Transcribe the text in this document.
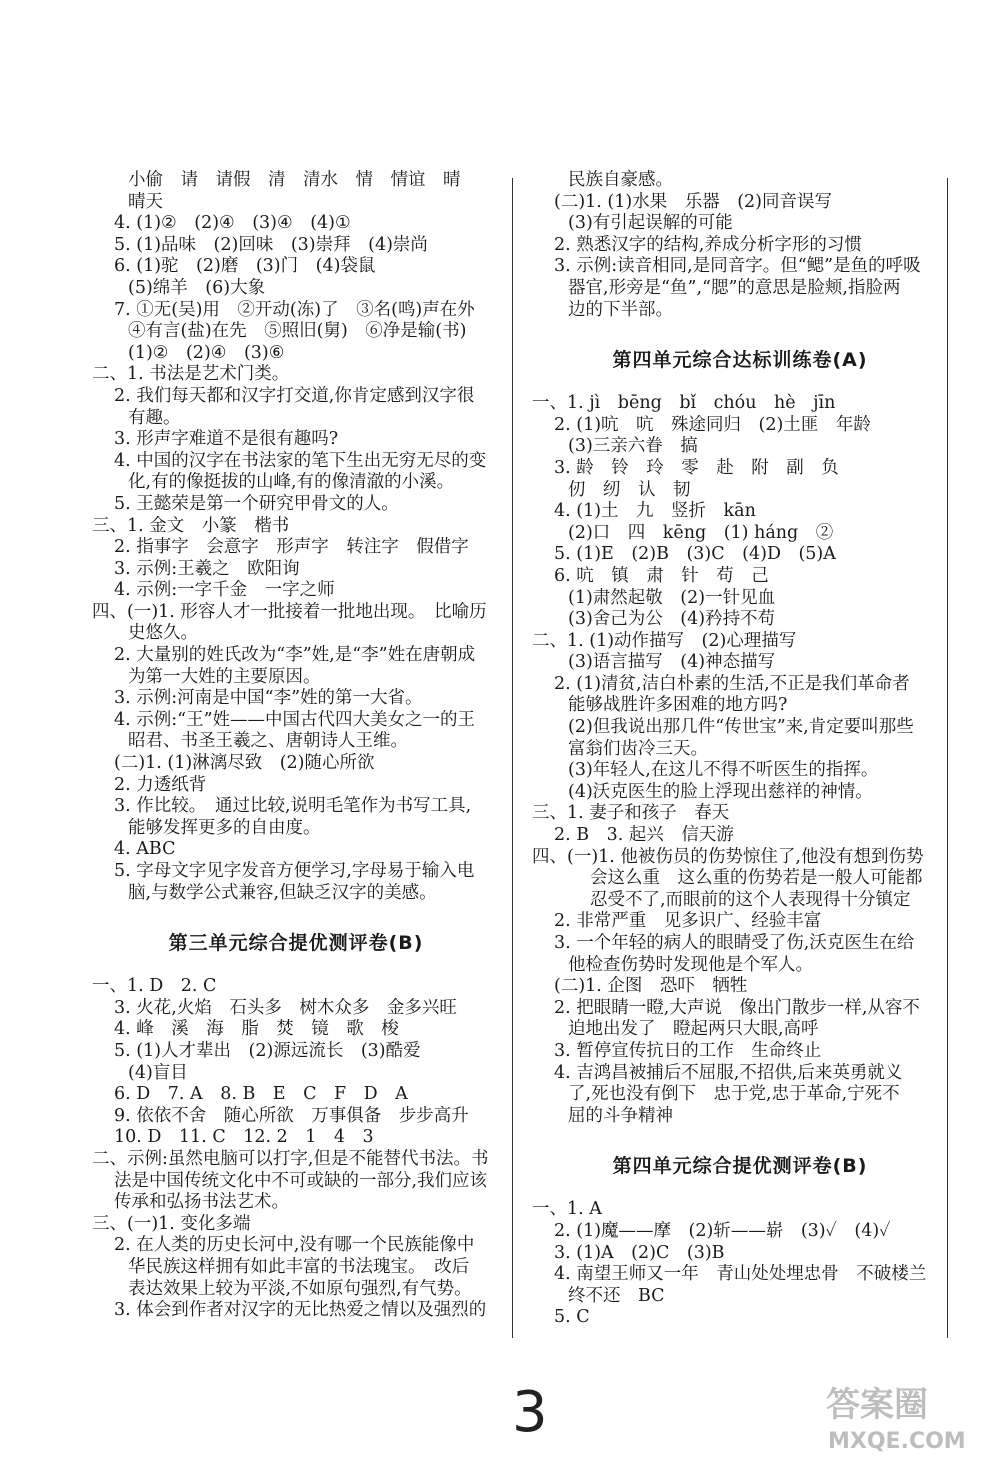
小偷　请　请假　清　清水　情　情谊　晴
晴天
4. (1)②　(2)④　(3)④　(4)①
5. (1)品味　(2)回味　(3)崇拜　(4)崇尚
6. (1)驼　(2)磨　(3)门　(4)袋鼠
(5)绵羊　(6)大象
7. ①无(吴)用　②开动(冻)了　③名(鸣)声在外
④有言(盐)在先　⑤照旧(舅)　⑥净是输(书)
(1)②　(2)④　(3)⑥
二、1. 书法是艺术门类。
2. 我们每天都和汉字打交道,你肯定感到汉字很
有趣。
3. 形声字难道不是很有趣吗?
4. 中国的汉字在书法家的笔下生出无穷无尽的变
化,有的像挺拔的山峰,有的像清澈的小溪。
5. 王懿荣是第一个研究甲骨文的人。
三、1. 金文　小篆　楷书
2. 指事字　会意字　形声字　转注字　假借字
3. 示例:王羲之　欧阳询
4. 示例:一字千金　一字之师
四、(一)1. 形容人才一批接着一批地出现。　比喻历
史悠久。
2. 大量别的姓氏改为“李”姓,是“李”姓在唐朝成
为第一大姓的主要原因。
3. 示例:河南是中国“李”姓的第一大省。
4. 示例:“王”姓——中国古代四大美女之一的王
昭君、书圣王羲之、唐朝诗人王维。
(二)1. (1)淋漓尽致　(2)随心所欲
2. 力透纸背
3. 作比较。　通过比较,说明毛笔作为书写工具,
能够发挥更多的自由度。
4. ABC
5. 字母文字见字发音方便学习,字母易于输入电
脑,与数学公式兼容,但缺乏汉字的美感。
第三单元综合提优测评卷(B)
一、1. D　2. C
3. 火花,火焰　石头多　树木众多　金多兴旺
4. 峰　溪　海　脂　焚　镜　歌　梭
5. (1)人才辈出　(2)源远流长　(3)酷爱
(4)盲目
6. D　7. A　8. B　E　C　F　D　A
9. 依依不舍　随心所欲　万事俱备　步步高升
10. D　11. C　12. 2　1　4　3
二、示例:虽然电脑可以打字,但是不能替代书法。书
法是中国传统文化中不可或缺的一部分,我们应该
传承和弘扬书法艺术。
三、(一)1. 变化多端
2. 在人类的历史长河中,没有哪一个民族能像中
华民族这样拥有如此丰富的书法瑰宝。　改后
表达效果上较为平淡,不如原句强烈,有气势。
3. 体会到作者对汉字的无比热爱之情以及强烈的
民族自豪感。
(二)1. (1)水果　乐器　(2)同音误写
(3)有引起误解的可能
2. 熟悉汉字的结构,养成分析字形的习惯
3. 示例:读音相同,是同音字。但“鳃”是鱼的呼吸
器官,形旁是“鱼”,“腮”的意思是脸颊,指脸两
边的下半部。
第四单元综合达标训练卷(A)
一、1. jì　bēng　bǐ　chóu　hè　jīn
2. (1)吭　吭　殊途同归　(2)土匪　年龄
(3)三亲六眷　搞
3. 龄　铃　玲　零　赴　附　副　负
仞　纫　认　韧
4. (1)土　九　竖折　kān
(2)口　四　kēng　(1) háng　②
5. (1)E　(2)B　(3)C　(4)D　(5)A
6. 吭　镇　肃　针　苟　己
(1)肃然起敬　(2)一针见血
(3)舍己为公　(4)矜持不苟
二、1. (1)动作描写　(2)心理描写
(3)语言描写　(4)神态描写
2. (1)清贫,洁白朴素的生活,不正是我们革命者
能够战胜许多困难的地方吗?
(2)但我说出那几件“传世宝”来,肯定要叫那些
富翁们齿冷三天。
(3)年轻人,在这儿不得不听医生的指挥。
(4)沃克医生的脸上浮现出慈祥的神情。
三、1. 妻子和孩子　春天
2. B　3. 起兴　信天游
四、(一)1. 他被伤员的伤势惊住了,他没有想到伤势
会这么重　这么重的伤势若是一般人可能都
忍受不了,而眼前的这个人表现得十分镇定
2. 非常严重　见多识广、经验丰富
3. 一个年轻的病人的眼睛受了伤,沃克医生在给
他检查伤势时发现他是个军人。
(二)1. 企图　恐吓　牺牲
2. 把眼睛一瞪,大声说　像出门散步一样,从容不
迫地出发了　瞪起两只大眼,高呼
3. 暂停宣传抗日的工作　生命终止
4. 吉鸿昌被捕后不屈服,不招供,后来英勇就义
了,死也没有倒下　忠于党,忠于革命,宁死不
屈的斗争精神
第四单元综合提优测评卷(B)
一、1. A
2. (1)魔——摩　(2)斩——崭　(3)✓　(4)✓
3. (1)A　(2)C　(3)B
4. 南望王师又一年　青山处处埋忠骨　不破楼兰
终不还　BC
5. C
3	答案圈
MXQE.COM
